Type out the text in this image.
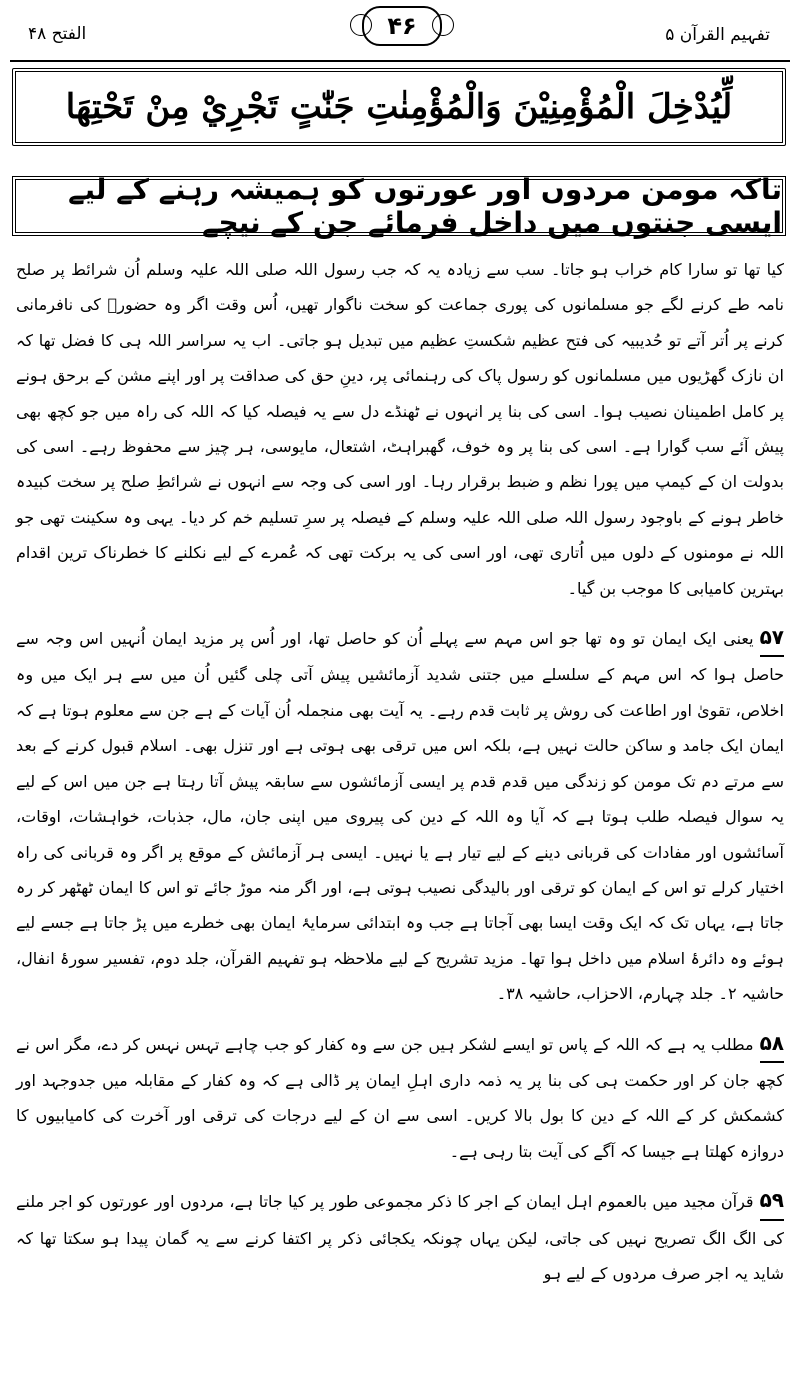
الفتح ۴۸	۴۶	تفہیم القرآن ۵
لِّيُدْخِلَ الْمُؤْمِنِيْنَ وَالْمُؤْمِنٰتِ جَنّٰتٍ تَجْرِيْ مِنْ تَحْتِهَا
تاکہ مومن مردوں اور عورتوں کو ہمیشہ رہنے کے لیے ایسی جنتوں میں داخل فرمائے جن کے نیچے

کیا تھا تو سارا کام خراب ہو جاتا۔ سب سے زیادہ یہ کہ جب رسول اللہ صلی اللہ علیہ وسلم اُن شرائط پر صلح نامہ طے کرنے لگے جو مسلمانوں کی پوری جماعت کو سخت ناگوار تھیں، اُس وقت اگر وہ حضورؐ کی نافرمانی کرنے پر اُتر آتے تو حُدیبیہ کی فتح عظیم شکستِ عظیم میں تبدیل ہو جاتی۔ اب یہ سراسر اللہ ہی کا فضل تھا کہ ان نازک گھڑیوں میں مسلمانوں کو رسول پاک کی رہنمائی پر، دینِ حق کی صداقت پر اور اپنے مشن کے برحق ہونے پر کامل اطمینان نصیب ہوا۔ اسی کی بنا پر انہوں نے ٹھنڈے دل سے یہ فیصلہ کیا کہ اللہ کی راہ میں جو کچھ بھی پیش آئے سب گوارا ہے۔ اسی کی بنا پر وہ خوف، گھبراہٹ، اشتعال، مایوسی، ہر چیز سے محفوظ رہے۔ اسی کی بدولت ان کے کیمپ میں پورا نظم و ضبط برقرار رہا۔ اور اسی کی وجہ سے انہوں نے شرائطِ صلح پر سخت کبیدہ خاطر ہونے کے باوجود رسول اللہ صلی اللہ علیہ وسلم کے فیصلہ پر سرِ تسلیم خم کر دیا۔ یہی وہ سکینت تھی جو اللہ نے مومنوں کے دلوں میں اُتاری تھی، اور اسی کی یہ برکت تھی کہ عُمرے کے لیے نکلنے کا خطرناک ترین اقدام بہترین کامیابی کا موجب بن گیا۔

۵۷یعنی ایک ایمان تو وہ تھا جو اس مہم سے پہلے اُن کو حاصل تھا، اور اُس پر مزید ایمان اُنہیں اس وجہ سے حاصل ہوا کہ اس مہم کے سلسلے میں جتنی شدید آزمائشیں پیش آتی چلی گئیں اُن میں سے ہر ایک میں وہ اخلاص، تقویٰ اور اطاعت کی روش پر ثابت قدم رہے۔ یہ آیت بھی منجملہ اُن آیات کے ہے جن سے معلوم ہوتا ہے کہ ایمان ایک جامد و ساکن حالت نہیں ہے، بلکہ اس میں ترقی بھی ہوتی ہے اور تنزل بھی۔ اسلام قبول کرنے کے بعد سے مرتے دم تک مومن کو زندگی میں قدم قدم پر ایسی آزمائشوں سے سابقہ پیش آتا رہتا ہے جن میں اس کے لیے یہ سوال فیصلہ طلب ہوتا ہے کہ آیا وہ اللہ کے دین کی پیروی میں اپنی جان، مال، جذبات، خواہشات، اوقات، آسائشوں اور مفادات کی قربانی دینے کے لیے تیار ہے یا نہیں۔ ایسی ہر آزمائش کے موقع پر اگر وہ قربانی کی راہ اختیار کرلے تو اس کے ایمان کو ترقی اور بالیدگی نصیب ہوتی ہے، اور اگر منہ موڑ جائے تو اس کا ایمان ٹھٹھر کر رہ جاتا ہے، یہاں تک کہ ایک وقت ایسا بھی آجاتا ہے جب وہ ابتدائی سرمایۂ ایمان بھی خطرے میں پڑ جاتا ہے جسے لیے ہوئے وہ دائرۂ اسلام میں داخل ہوا تھا۔ مزید تشریح کے لیے ملاحظہ ہو تفہیم القرآن، جلد دوم، تفسیر سورۂ انفال، حاشیہ ۲۔ جلد چہارم، الاحزاب، حاشیہ ۳۸۔

۵۸مطلب یہ ہے کہ اللہ کے پاس تو ایسے لشکر ہیں جن سے وہ کفار کو جب چاہے تہس نہس کر دے، مگر اس نے کچھ جان کر اور حکمت ہی کی بنا پر یہ ذمہ داری اہلِ ایمان پر ڈالی ہے کہ وہ کفار کے مقابلہ میں جدوجہد اور کشمکش کر کے اللہ کے دین کا بول بالا کریں۔ اسی سے ان کے لیے درجات کی ترقی اور آخرت کی کامیابیوں کا دروازہ کھلتا ہے جیسا کہ آگے کی آیت بتا رہی ہے۔

۵۹قرآن مجید میں بالعموم اہل ایمان کے اجر کا ذکر مجموعی طور پر کیا جاتا ہے، مردوں اور عورتوں کو اجر ملنے کی الگ الگ تصریح نہیں کی جاتی، لیکن یہاں چونکہ یکجائی ذکر پر اکتفا کرنے سے یہ گمان پیدا ہو سکتا تھا کہ شاید یہ اجر صرف مردوں کے لیے ہو
